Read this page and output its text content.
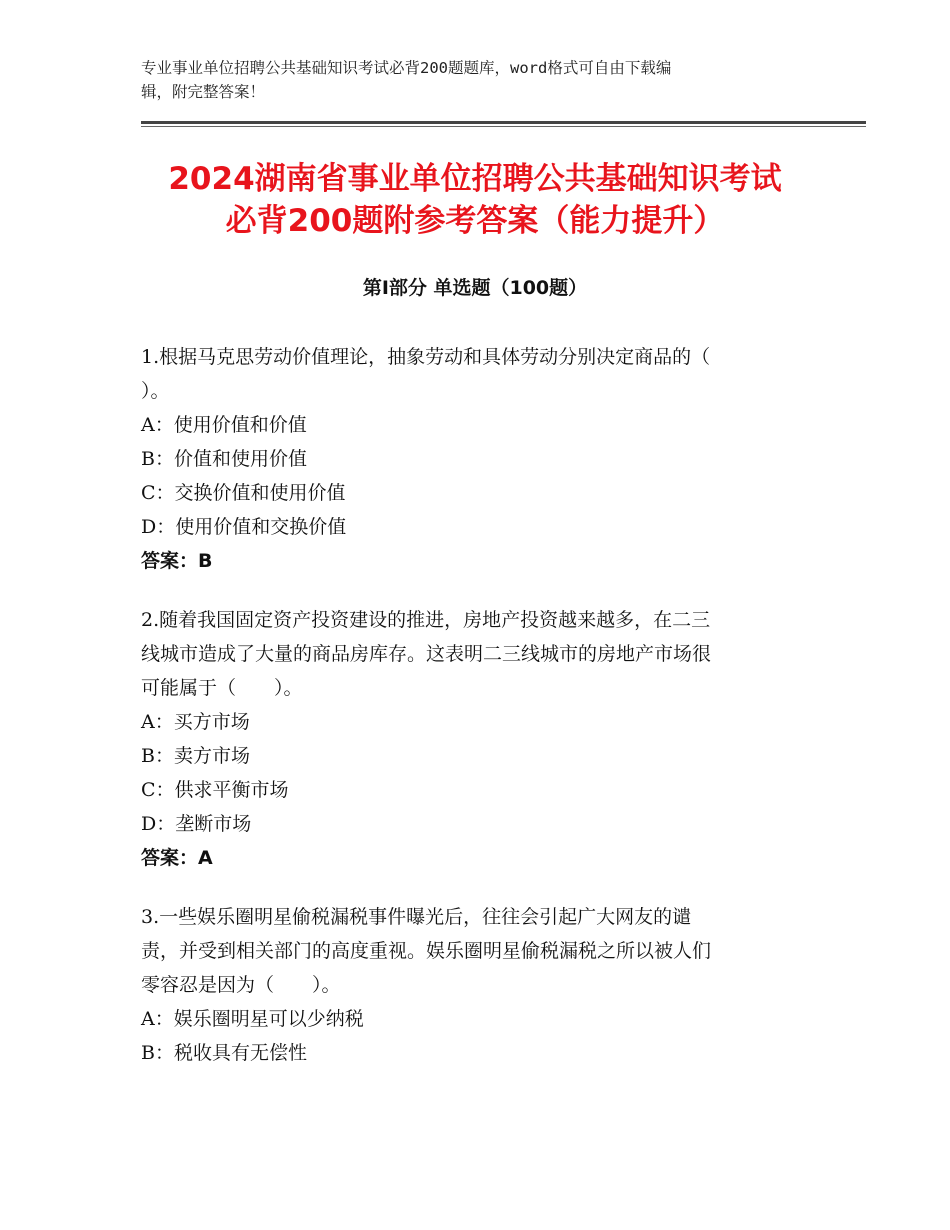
专业事业单位招聘公共基础知识考试必背200题题库，word格式可自由下载编
辑，附完整答案！
2024湖南省事业单位招聘公共基础知识考试
必背200题附参考答案（能力提升）
第Ⅰ部分 单选题（100题）
1.根据马克思劳动价值理论，抽象劳动和具体劳动分别决定商品的（
）。
A：使用价值和价值
B：价值和使用价值
C：交换价值和使用价值
D：使用价值和交换价值
答案：B
2.随着我国固定资产投资建设的推进，房地产投资越来越多，在二三
线城市造成了大量的商品房库存。这表明二三线城市的房地产市场很
可能属于（　　）。
A：买方市场
B：卖方市场
C：供求平衡市场
D：垄断市场
答案：A
3.一些娱乐圈明星偷税漏税事件曝光后，往往会引起广大网友的谴
责，并受到相关部门的高度重视。娱乐圈明星偷税漏税之所以被人们
零容忍是因为（　　）。
A：娱乐圈明星可以少纳税
B：税收具有无偿性
